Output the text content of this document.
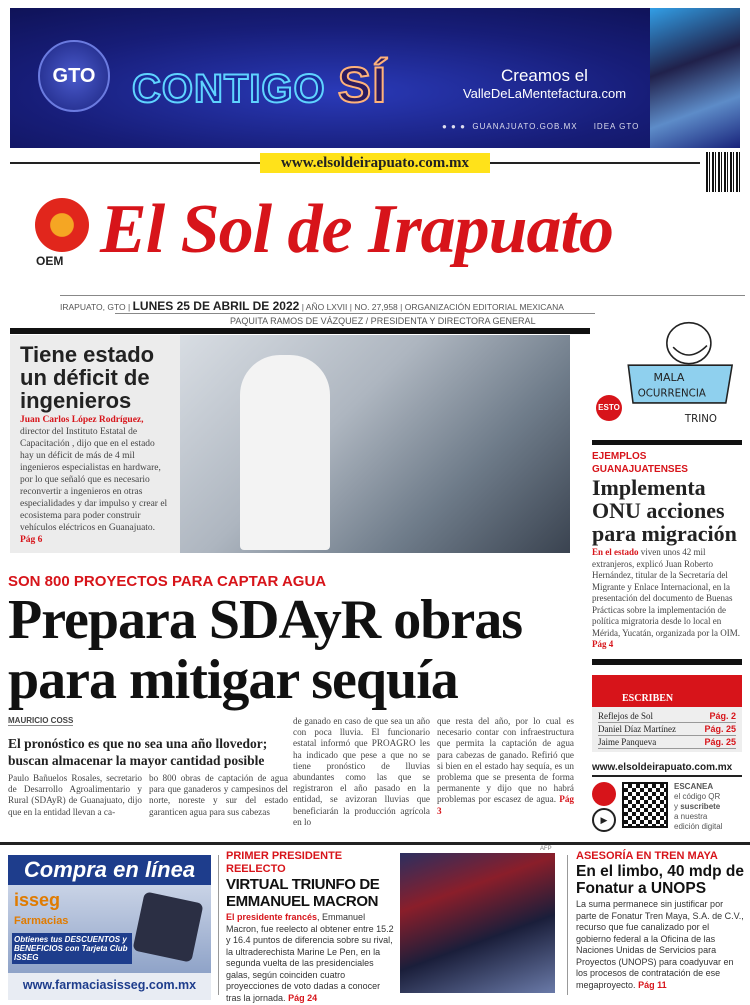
GTO CONTIGO SÍ	Creamos el
ValleDeLaMentefactura.com
● ● ● GUANAJUATO.GOB.MX IDEA GTO
www.elsoldeirapuato.com.mx
OEM El Sol de Irapuato
IRAPUATO, GTO | LUNES 25 DE ABRIL DE 2022 | AÑO LXVII | NO. 27,958 | ORGANIZACIÓN EDITORIAL MEXICANA
PAQUITA RAMOS DE VÁZQUEZ / PRESIDENTA Y DIRECTORA GENERAL
MALA
OCURRENCIA
TRINO
ESTO
Tiene estado un déficit de ingenieros

Juan Carlos López Rodríguez, director del Instituto Estatal de Capacitación , dijo que en el estado hay un déficit de más de 4 mil ingenieros especialistas en hardware, por lo que señaló que es necesario reconvertir a ingenieros en otras especialidades y dar impulso y crear el ecosistema para poder construir vehículos eléctricos en Guanajuato. Pág 6

EJEMPLOS GUANAJUATENSES
Implementa ONU acciones para migración
En el estado viven unos 42 mil extranjeros, explicó Juan Roberto Hernández, titular de la Secretaría del Migrante y Enlace Internacional, en la presentación del documento de Buenas Prácticas sobre la implementación de política migratoria desde lo local en Mérida, Yucatán, organizada por la OIM. Pág 4
ESCRIBEN
Reflejos de Sol	Pág. 2
Daniel Díaz Martínez	Pág. 25
Jaime Panqueva	Pág. 25
www.elsoldeirapuato.com.mx
▶
ESCANEA
el código QR
y suscribete
a nuestra
edición digital
SON 800 PROYECTOS PARA CAPTAR AGUA
Prepara SDAyR obras para mitigar sequía
MAURICIO COSS
El pronóstico es que no sea una año llovedor; buscan almacenar la mayor cantidad posible
Paulo Bañuelos Rosales, secretario de Desarrollo Agroalimentario y Rural (SDAyR) de Guanajuato, dijo que en la entidad llevan a ca-
bo 800 obras de captación de agua para que ganaderos y campesinos del norte, noreste y sur del estado garanticen agua para sus cabezas
de ganado en caso de que sea un año con poca lluvia. El funcionario estatal informó que PROAGRO les ha indicado que pese a que no se tiene pronóstico de lluvias abundantes como las que se registraron el año pasado en la entidad, se avizoran lluvias que beneficiarán la producción agrícola en lo
que resta del año, por lo cual es necesario contar con infraestructura que permita la captación de agua para cabezas de ganado. Refirió que si bien en el estado hay sequía, es un problema que se presenta de forma permanente y dijo que no habrá problemas por escasez de agua. Pág 3
Compra en línea
isseg
Farmacias
Obtienes tus DESCUENTOS y BENEFICIOS con Tarjeta Club ISSEG
www.farmaciasisseg.com.mx
PRIMER PRESIDENTE REELECTO
VIRTUAL TRIUNFO DE EMMANUEL MACRON
El presidente francés, Emmanuel Macron, fue reelecto al obtener entre 15.2 y 16.4 puntos de diferencia sobre su rival, la ultraderechista Marine Le Pen, en la segunda vuelta de las presidenciales galas, según coinciden cuatro proyecciones de voto dadas a conocer tras la jornada. Pág 24
AFP
ASESORÍA EN TREN MAYA
En el limbo, 40 mdp de Fonatur a UNOPS
La suma permanece sin justificar por parte de Fonatur Tren Maya, S.A. de C.V., recurso que fue canalizado por el gobierno federal a la Oficina de las Naciones Unidas de Servicios para Proyectos (UNOPS) para coadyuvar en los procesos de contratación de ese megaproyecto. Pág 11
